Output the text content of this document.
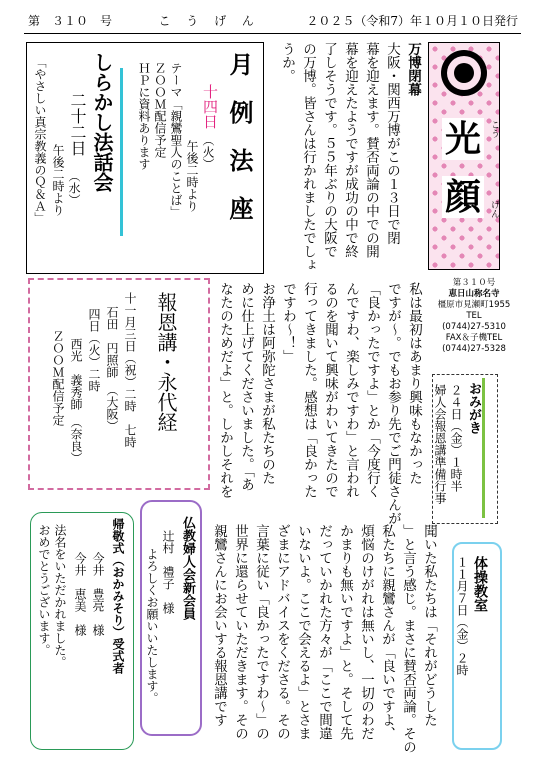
第　３１０　号	こ う げ ん	２０２５（令和7）年１０月１０日発行
光 こう
顔 げん
第３１０号
恵日山称名寺
橿原市見瀬町1955
TEL
(0744)27-5310
FAX＆子機TEL
(0744)27-5328
万博閉幕
大阪・関西万博がこの１３日で閉
幕を迎えます。賛否両論の中での開
幕を迎えたようですが成功の中で終
了しそうです。５５年ぶりの大阪で
の万博。皆さんは行かれましたでしょ
うか。
月　例　法　座
十四日
（火）
午後二時より
テーマ「親鸞聖人のことば」
ＺＯＯＭ配信予定
ＨＰに資料あります
しらかし法話会
二十二日
（水）
午後二時より
「やさしい真宗教義のＱ＆Ａ」
報恩講・永代経
十一月三日（祝）二時　七時
石田　円照師　（大阪）
四日（火）二時
西光　義秀師　（奈良）
ＺＯＯＭ配信予定	私は最初はあまり興味もなかった
ですが〜。でもお参り先でご門徒さんが
「良かったですよ」とか「今度行く
んですわ、楽しみですわ」と言われ
るのを聞いて興味がわいてきたので
行ってきました。感想は「良かった
ですわ〜！」
お浄土は阿弥陀さまが私たちのた
めに仕上げてくださいました。「あ
なたのためだよ」と。しかしそれを	おみがき
２４日（金）１時半
婦人会報恩講準備行事
聞いた私たちは「それがどうした
」と言う感じ。まさに賛否両論。その
私たちに親鸞さんが「良いですよ、
煩悩のけがれは無いし、一切のわだ
かまりも無いですよ」と。そして先
だっていかれた方々が「ここで間違
いないよ。ここで会えるよ」とさま
ざまにアドバイスをくださる。その
言葉に従い「良かったですわ〜」の
世界に還らせていただきます。その
親鸞さんにお会いする報恩講です	体操教室
１１月７日（金）２時
仏教婦人会新会員
辻村　禮子　様
よろしくお願いいたします。
帰敬式（おかみそり）受式者
今井　豊亮　様
今井　恵美　様
法名をいただかれました。
おめでとうございます。
